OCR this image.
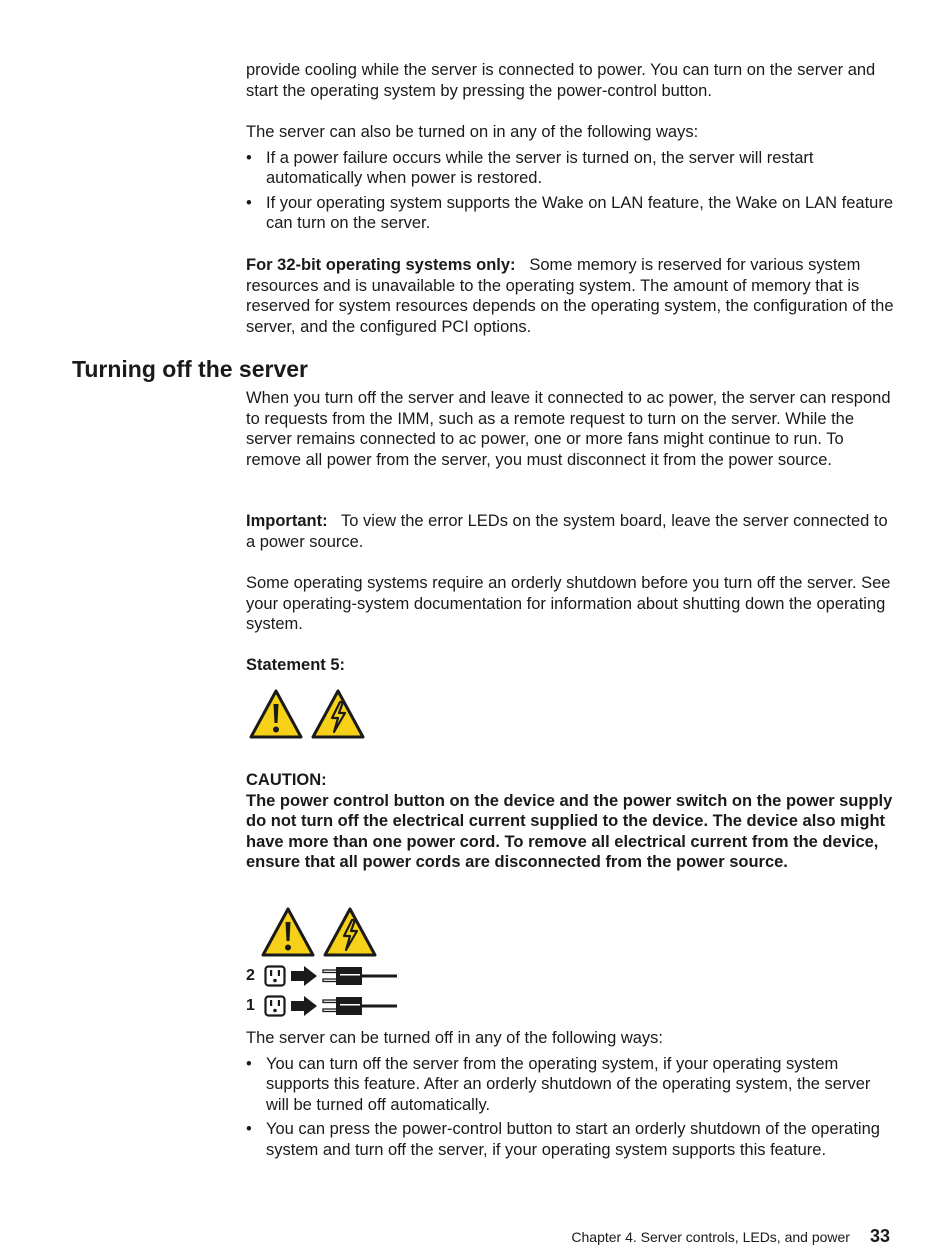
provide cooling while the server is connected to power. You can turn on the server and start the operating system by pressing the power-control button.

The server can also be turned on in any of the following ways:

• If a power failure occurs while the server is turned on, the server will restart automatically when power is restored.
• If your operating system supports the Wake on LAN feature, the Wake on LAN feature can turn on the server.

For 32-bit operating systems only: Some memory is reserved for various system resources and is unavailable to the operating system. The amount of memory that is reserved for system resources depends on the operating system, the configuration of the server, and the configured PCI options.

Turning off the server

When you turn off the server and leave it connected to ac power, the server can respond to requests from the IMM, such as a remote request to turn on the server. While the server remains connected to ac power, one or more fans might continue to run. To remove all power from the server, you must disconnect it from the power source.

Important: To view the error LEDs on the system board, leave the server connected to a power source.

Some operating systems require an orderly shutdown before you turn off the server. See your operating-system documentation for information about shutting down the operating system.

Statement 5:

CAUTION:

The power control button on the device and the power switch on the power supply do not turn off the electrical current supplied to the device. The device also might have more than one power cord. To remove all electrical current from the device, ensure that all power cords are disconnected from the power source.

2
1

The server can be turned off in any of the following ways:

• You can turn off the server from the operating system, if your operating system supports this feature. After an orderly shutdown of the operating system, the server will be turned off automatically.
• You can press the power-control button to start an orderly shutdown of the operating system and turn off the server, if your operating system supports this feature.
Chapter 4. Server controls, LEDs, and power 33
